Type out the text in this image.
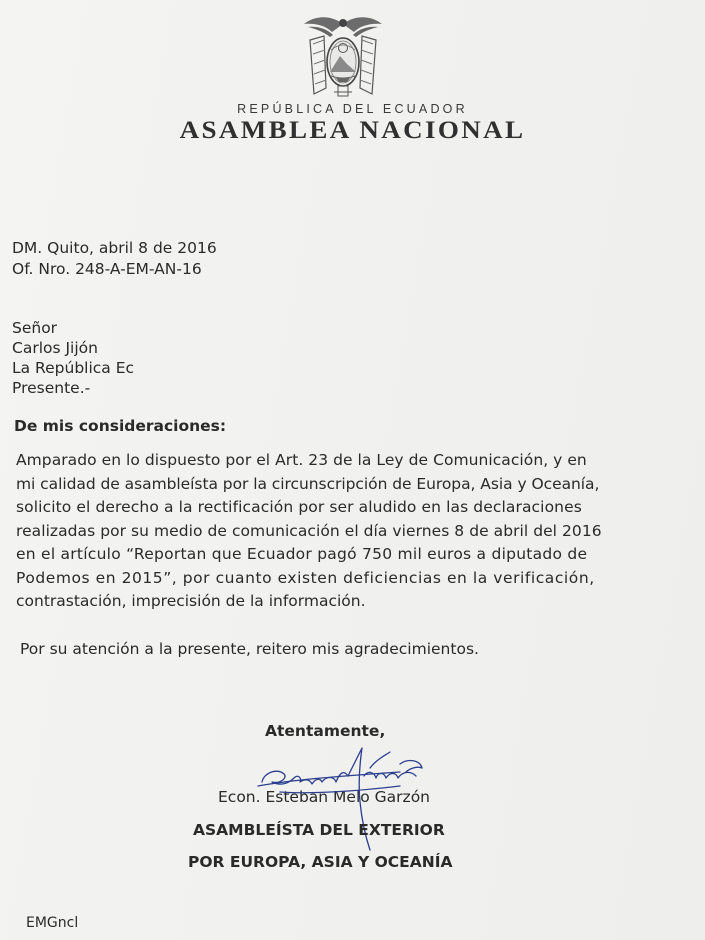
REPÚBLICA DEL ECUADOR
ASAMBLEA NACIONAL
DM. Quito, abril 8 de 2016
Of. Nro. 248-A-EM-AN-16
Señor
Carlos Jijón
La República Ec
Presente.-
De mis consideraciones:
Amparado en lo dispuesto por el Art. 23 de la Ley de Comunicación, y en
mi calidad de asambleísta por la circunscripción de Europa, Asia y Oceanía,
solicito el derecho a la rectificación por ser aludido en las declaraciones
realizadas por su medio de comunicación el día viernes 8 de abril del 2016
en el artículo “Reportan que Ecuador pagó 750 mil euros a diputado de
Podemos en 2015”, por cuanto existen deficiencias en la verificación,
contrastación, imprecisión de la información.
Por su atención a la presente, reitero mis agradecimientos.
Atentamente,
Econ. Esteban Melo Garzón
ASAMBLEÍSTA DEL EXTERIOR
POR EUROPA, ASIA Y OCEANÍA
EMGncl
